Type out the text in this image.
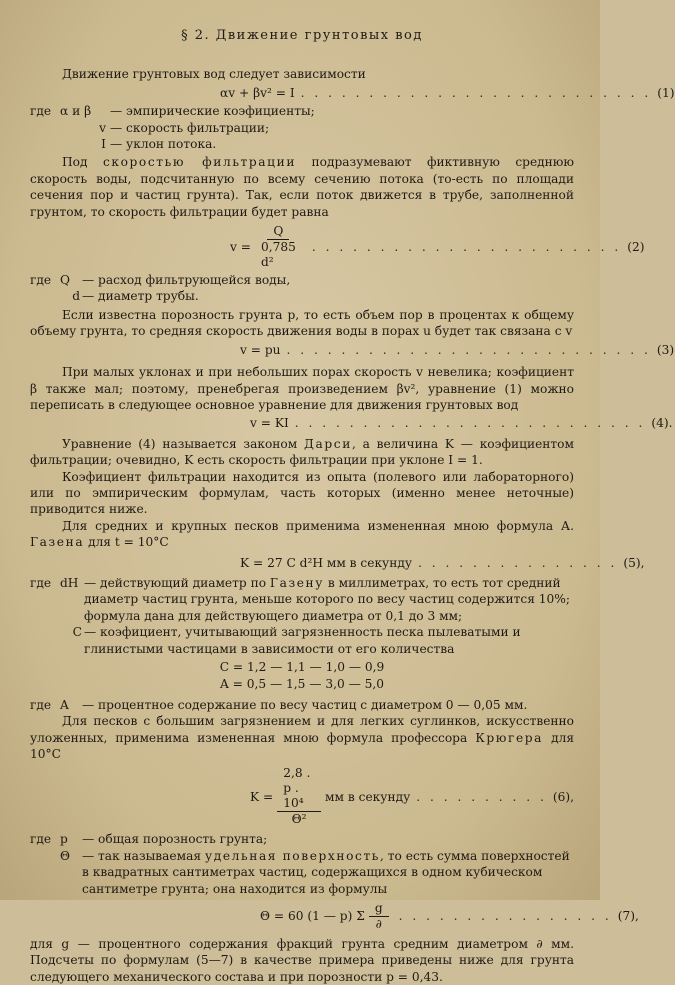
§ 2. Движение грунтовых вод

Движение грунтовых вод следует зависимости

αv + βv² = I . . . . . . . . . . . . . . . . . . . . . . . . . . (1)
где α и β	— эмпирические коэфициенты;
v — скорость фильтрации;
I — уклон потока.

Под скоростью фильтрации подразумевают фиктивную среднюю скорость воды, подсчитанную по всему сечению потока (то-есть по площади сечения пор и частиц грунта). Так, если поток движется в трубе, заполненной грунтом, то скорость фильтрации будет равна

$v = \frac{Q}{\text{0,785 d²}}$ . . . . . . . . . . . . . . . . . . . . . . . (2)
где Q — расход фильтрующейся воды,
d — диаметр трубы.

Если известна порозность грунта p, то есть объем пор в процентах к общему объему грунта, то средняя скорость движения воды в порах u будет так связана с v

v = pu . . . . . . . . . . . . . . . . . . . . . . . . . . . (3)

При малых уклонах и при небольших порах скорость v невелика; коэфициент β также мал; поэтому, пренебрегая произведением βv², уравнение (1) можно переписать в следующее основное уравнение для движения грунтовых вод

v = KI . . . . . . . . . . . . . . . . . . . . . . . . . . (4).

Уравнение (4) называется законом Дарси, а величина K — коэфициентом фильтрации; очевидно, K есть скорость фильтрации при уклоне I = 1.

Коэфициент фильтрации находится из опыта (полевого или лабораторного) или по эмпирическим формулам, часть которых (именно менее неточные) приводится ниже.

Для средних и крупных песков применима измененная мною формула А. Газена для t = 10°C

K = 27 C d²H мм в секунду . . . . . . . . . . . . . . . (5),
где dH — действующий диаметр по Газену в миллиметрах, то есть тот средний диаметр частиц грунта, меньше которого по весу частиц содержится 10%; формула дана для действующего диаметра от 0,1 до 3 мм;
C — коэфициент, учитывающий загрязненность песка пылеватыми и глинистыми частицами в зависимости от его количества
C = 1,2 — 1,1 — 1,0 — 0,9
A = 0,5 — 1,5 — 3,0 — 5,0
где A	— процентное содержание по весу частиц с диаметром 0 — 0,05 мм.

Для песков с большим загрязнением и для легких суглинков, искусственно уложенных, применима измененная мною формула профессора Крюгера для 10°C

$K = \frac{\text{2,8 . p . 10⁴}}{\text{Θ²}}$ мм в секунду . . . . . . . . . . (6),
где p	— общая порозность грунта;
Θ — так называемая удельная поверхность, то есть сумма поверхностей в квадратных сантиметрах частиц, содержащихся в одном кубическом сантиметре грунта; она находится из формулы
Θ = 60 (1 — p) Σ $\frac{g}{\partial}$ . . . . . . . . . . . . . . . . (7),

для g — процентного содержания фракций грунта средним диаметром ∂ мм. Подсчеты по формулам (5—7) в качестве примера приведены ниже для грунта следующего механического состава и при порозности p = 0,43.
